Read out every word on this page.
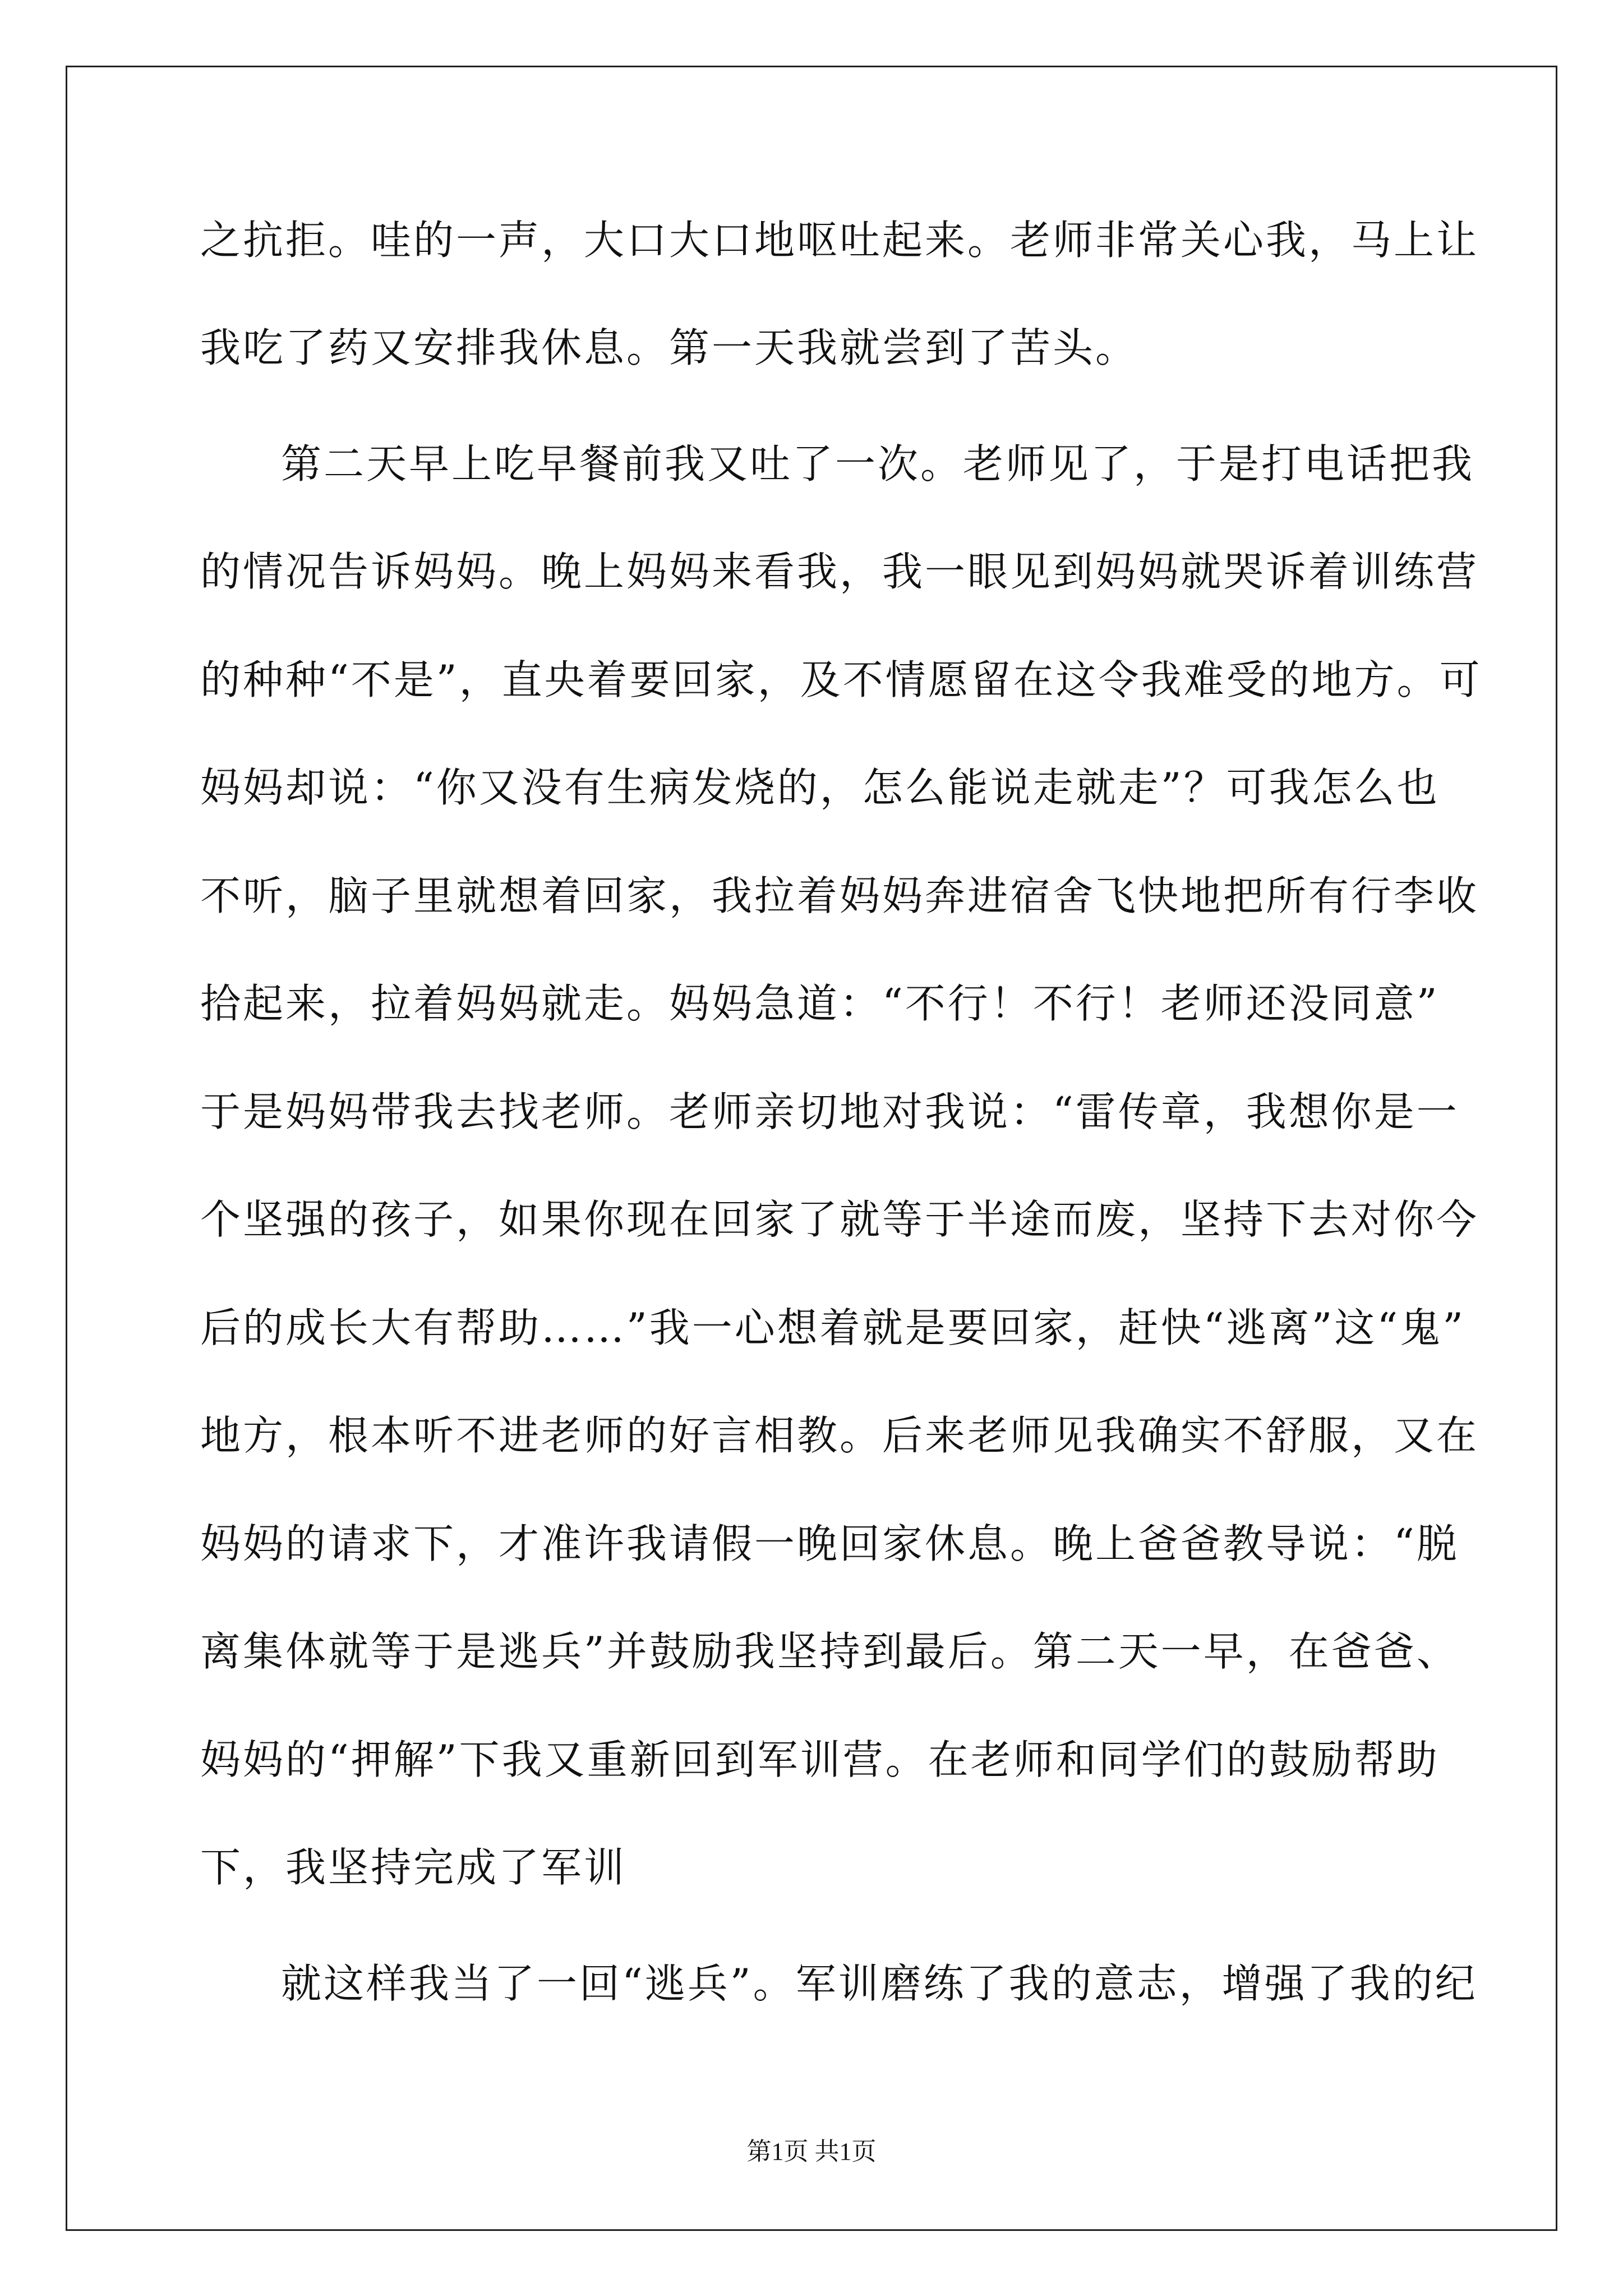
之抗拒。哇的一声，大口大口地呕吐起来。老师非常关心我，马上让
我吃了药又安排我休息。第一天我就尝到了苦头。
第二天早上吃早餐前我又吐了一次。老师见了，于是打电话把我
的情况告诉妈妈。晚上妈妈来看我，我一眼见到妈妈就哭诉着训练营
的种种“不是”，直央着要回家，及不情愿留在这令我难受的地方。可
妈妈却说：“你又没有生病发烧的，怎么能说走就走”？可我怎么也
不听，脑子里就想着回家，我拉着妈妈奔进宿舍飞快地把所有行李收
拾起来，拉着妈妈就走。妈妈急道：“不行！不行！老师还没同意”
于是妈妈带我去找老师。老师亲切地对我说：“雷传章，我想你是一
个坚强的孩子，如果你现在回家了就等于半途而废，坚持下去对你今
后的成长大有帮助……”我一心想着就是要回家，赶快“逃离”这“鬼”
地方，根本听不进老师的好言相教。后来老师见我确实不舒服，又在
妈妈的请求下，才准许我请假一晚回家休息。晚上爸爸教导说：“脱
离集体就等于是逃兵”并鼓励我坚持到最后。第二天一早，在爸爸、
妈妈的“押解”下我又重新回到军训营。在老师和同学们的鼓励帮助
下，我坚持完成了军训
就这样我当了一回“逃兵”。军训磨练了我的意志，增强了我的纪
第1页 共1页
